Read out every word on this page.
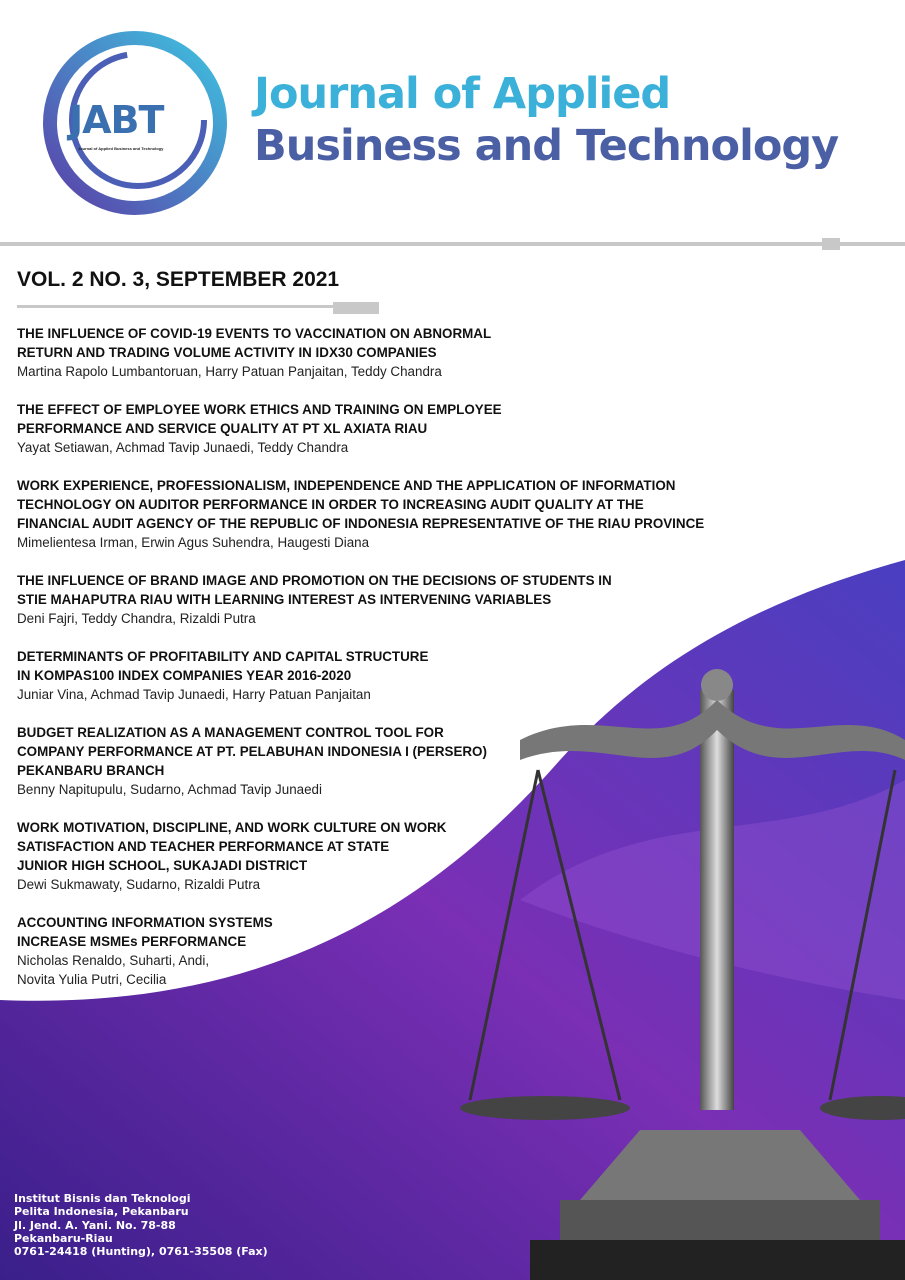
JABT
Journal of Applied Business and Technology
Journal of Applied
Business and Technology
VOL. 2 NO. 3, SEPTEMBER 2021
THE INFLUENCE OF COVID-19 EVENTS TO VACCINATION ON ABNORMAL
RETURN AND TRADING VOLUME ACTIVITY IN IDX30 COMPANIES
Martina Rapolo Lumbantoruan, Harry Patuan Panjaitan, Teddy Chandra
THE EFFECT OF EMPLOYEE WORK ETHICS AND TRAINING ON EMPLOYEE
PERFORMANCE AND SERVICE QUALITY AT PT XL AXIATA RIAU
Yayat Setiawan, Achmad Tavip Junaedi, Teddy Chandra
WORK EXPERIENCE, PROFESSIONALISM, INDEPENDENCE AND THE APPLICATION OF INFORMATION
TECHNOLOGY ON AUDITOR PERFORMANCE IN ORDER TO INCREASING AUDIT QUALITY AT THE
FINANCIAL AUDIT AGENCY OF THE REPUBLIC OF INDONESIA REPRESENTATIVE OF THE RIAU PROVINCE
Mimelientesa Irman, Erwin Agus Suhendra, Haugesti Diana
THE INFLUENCE OF BRAND IMAGE AND PROMOTION ON THE DECISIONS OF STUDENTS IN
STIE MAHAPUTRA RIAU WITH LEARNING INTEREST AS INTERVENING VARIABLES
Deni Fajri, Teddy Chandra, Rizaldi Putra
DETERMINANTS OF PROFITABILITY AND CAPITAL STRUCTURE
IN KOMPAS100 INDEX COMPANIES YEAR 2016-2020
Juniar Vina, Achmad Tavip Junaedi, Harry Patuan Panjaitan
BUDGET REALIZATION AS A MANAGEMENT CONTROL TOOL FOR
COMPANY PERFORMANCE AT PT. PELABUHAN INDONESIA I (PERSERO)
PEKANBARU BRANCH
Benny Napitupulu, Sudarno, Achmad Tavip Junaedi
WORK MOTIVATION, DISCIPLINE, AND WORK CULTURE ON WORK
SATISFACTION AND TEACHER PERFORMANCE AT STATE
JUNIOR HIGH SCHOOL, SUKAJADI DISTRICT
Dewi Sukmawaty, Sudarno, Rizaldi Putra
ACCOUNTING INFORMATION SYSTEMS
INCREASE MSMEs PERFORMANCE
Nicholas Renaldo, Suharti, Andi,
Novita Yulia Putri, Cecilia
Institut Bisnis dan Teknologi
Pelita Indonesia, Pekanbaru
Jl. Jend. A. Yani. No. 78-88
Pekanbaru-Riau
0761-24418 (Hunting), 0761-35508 (Fax)
